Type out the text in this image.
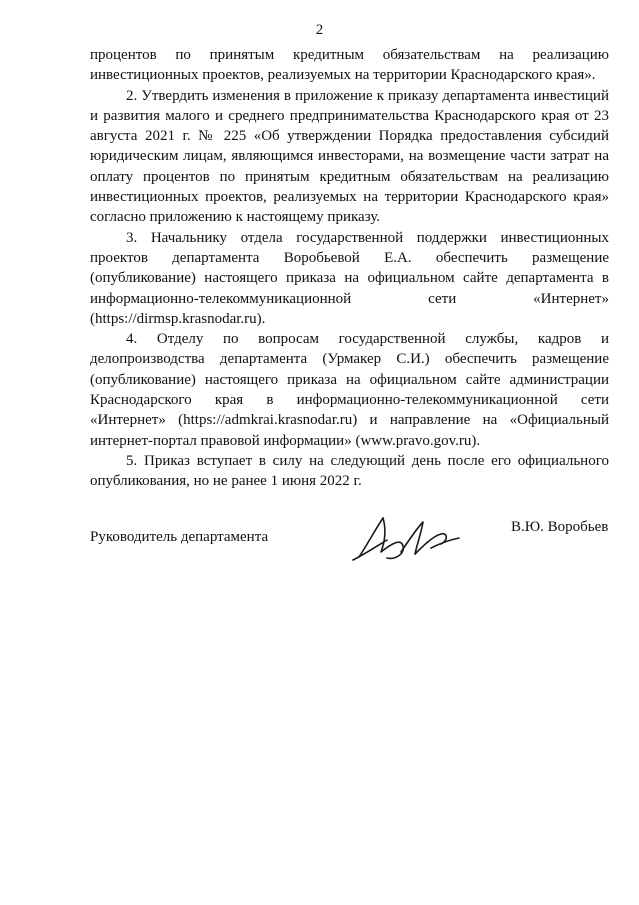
2

процентов по принятым кредитным обязательствам на реализацию инвестиционных проектов, реализуемых на территории Краснодарского края».

2. Утвердить изменения в приложение к приказу департамента инвестиций и развития малого и среднего предпринимательства Краснодарского края от 23 августа 2021 г. № 225 «Об утверждении Порядка предоставления субсидий юридическим лицам, являющимся инвесторами, на возмещение части затрат на оплату процентов по принятым кредитным обязательствам на реализацию инвестиционных проектов, реализуемых на территории Краснодарского края» согласно приложению к настоящему приказу.

3. Начальнику отдела государственной поддержки инвестиционных проектов департамента Воробьевой Е.А. обеспечить размещение (опубликование) настоящего приказа на официальном сайте департамента в информационно-телекоммуникационной сети «Интернет» (https://dirmsp.krasnodar.ru).

4. Отделу по вопросам государственной службы, кадров и делопроизводства департамента (Урмакер С.И.) обеспечить размещение (опубликование) настоящего приказа на официальном сайте администрации Краснодарского края в информационно-телекоммуникационной сети «Интернет» (https://admkrai.krasnodar.ru) и направление на «Официальный интернет-портал правовой информации» (www.pravo.gov.ru).

5. Приказ вступает в силу на следующий день после его официального опубликования, но не ранее 1 июня 2022 г.

Руководитель департамента
В.Ю. Воробьев
